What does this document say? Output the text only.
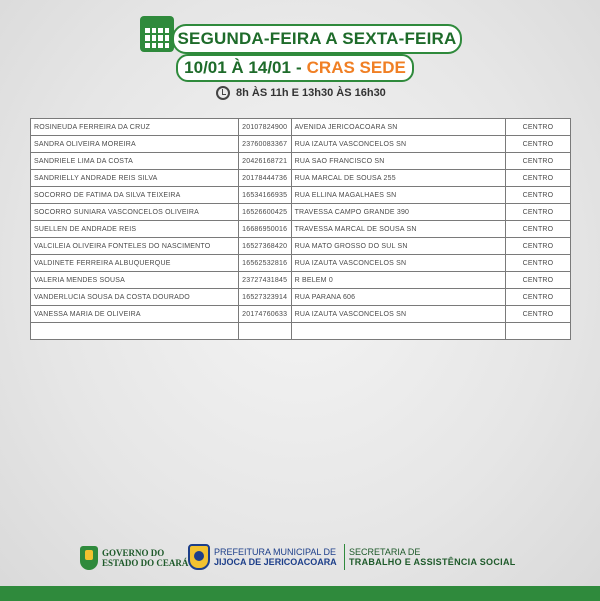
SEGUNDA-FEIRA A SEXTA-FEIRA
10/01 À 14/01 - CRAS SEDE
8h ÀS 11h E 13h30 ÀS 16h30
ROSINEUDA FERREIRA DA CRUZ	20107824900	AVENIDA JERICOACOARA SN	CENTRO
SANDRA OLIVEIRA MOREIRA	23760083367	RUA IZAUTA VASCONCELOS SN	CENTRO
SANDRIELE LIMA DA COSTA	20426168721	RUA SAO FRANCISCO SN	CENTRO
SANDRIELLY ANDRADE REIS SILVA	20178444736	RUA MARCAL DE SOUSA 255	CENTRO
SOCORRO DE FATIMA DA SILVA TEIXEIRA	16534166935	RUA ELLINA MAGALHAES SN	CENTRO
SOCORRO SUNIARA VASCONCELOS OLIVEIRA	16526600425	TRAVESSA CAMPO GRANDE 390	CENTRO
SUELLEN DE ANDRADE REIS	16686950016	TRAVESSA MARCAL DE SOUSA SN	CENTRO
VALCILEIA OLIVEIRA FONTELES DO NASCIMENTO	16527368420	RUA MATO GROSSO DO SUL SN	CENTRO
VALDINETE FERREIRA ALBUQUERQUE	16562532816	RUA IZAUTA VASCONCELOS SN	CENTRO
VALERIA MENDES SOUSA	23727431845	R BELEM 0	CENTRO
VANDERLUCIA SOUSA DA COSTA DOURADO	16527323914	RUA PARANA 606	CENTRO
VANESSA MARIA DE OLIVEIRA	20174760633	RUA IZAUTA VASCONCELOS SN	CENTRO

GOVERNO DO
ESTADO DO CEARÁ
PREFEITURA MUNICIPAL DE
JIJOCA DE JERICOACOARA
SECRETARIA DE
TRABALHO E ASSISTÊNCIA SOCIAL
